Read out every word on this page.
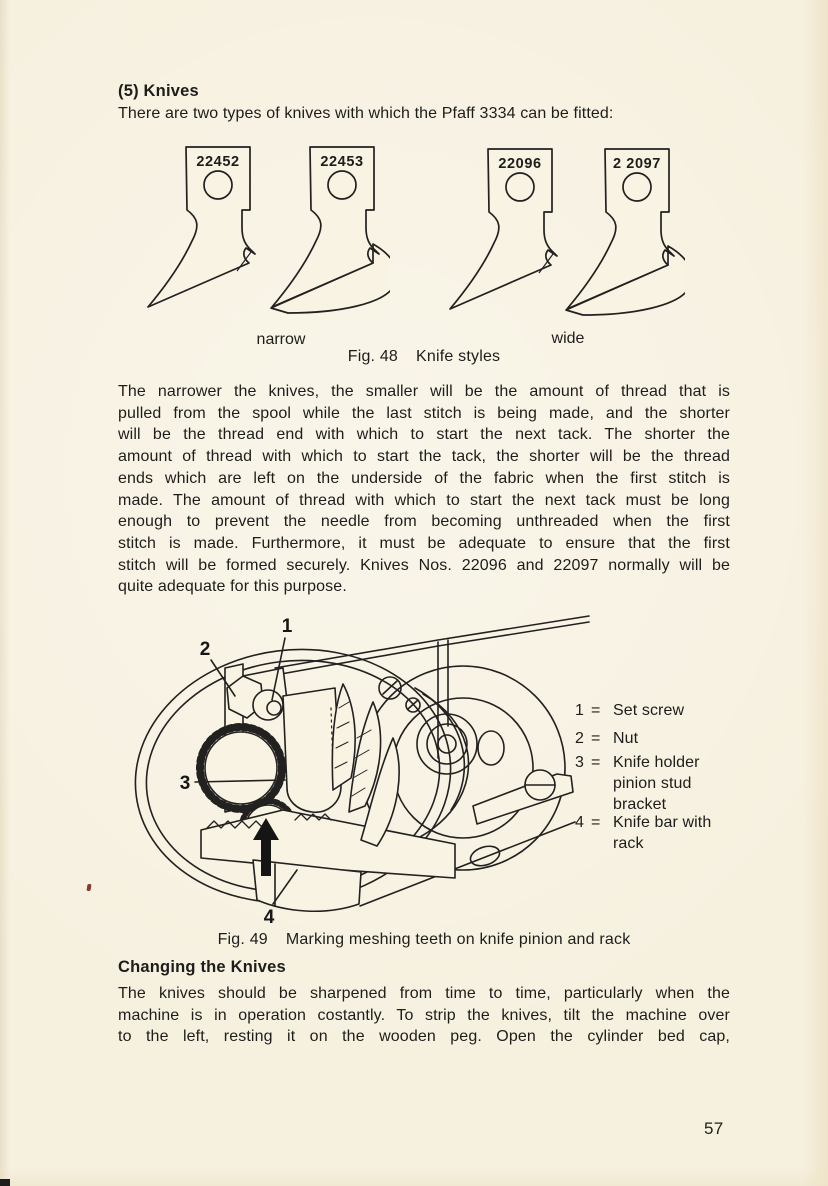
(5) Knives
There are two types of knives with which the Pfaff 3334 can be fitted:
22452	22453	22096	2 2097
narrow	wide
Fig. 48 Knife styles
The narrower the knives, the smaller will be the amount of thread that is
pulled from the spool while the last stitch is being made, and the shorter
will be the thread end with which to start the next tack. The shorter the
amount of thread with which to start the tack, the shorter will be the thread
ends which are left on the underside of the fabric when the first stitch is
made. The amount of thread with which to start the next tack must be long
enough to prevent the needle from becoming unthreaded when the first
stitch is made. Furthermore, it must be adequate to ensure that the first
stitch will be formed securely. Knives Nos. 22096 and 22097 normally will be
quite adequate for this purpose.
1
2
3
4
1 = Set screw
2 = Nut
3 = Knife holder pinion stud bracket
4 = Knife bar with rack
Fig. 49 Marking meshing teeth on knife pinion and rack
Changing the Knives
The knives should be sharpened from time to time, particularly when the
machine is in operation costantly. To strip the knives, tilt the machine over
to the left, resting it on the wooden peg. Open the cylinder bed cap,
57
